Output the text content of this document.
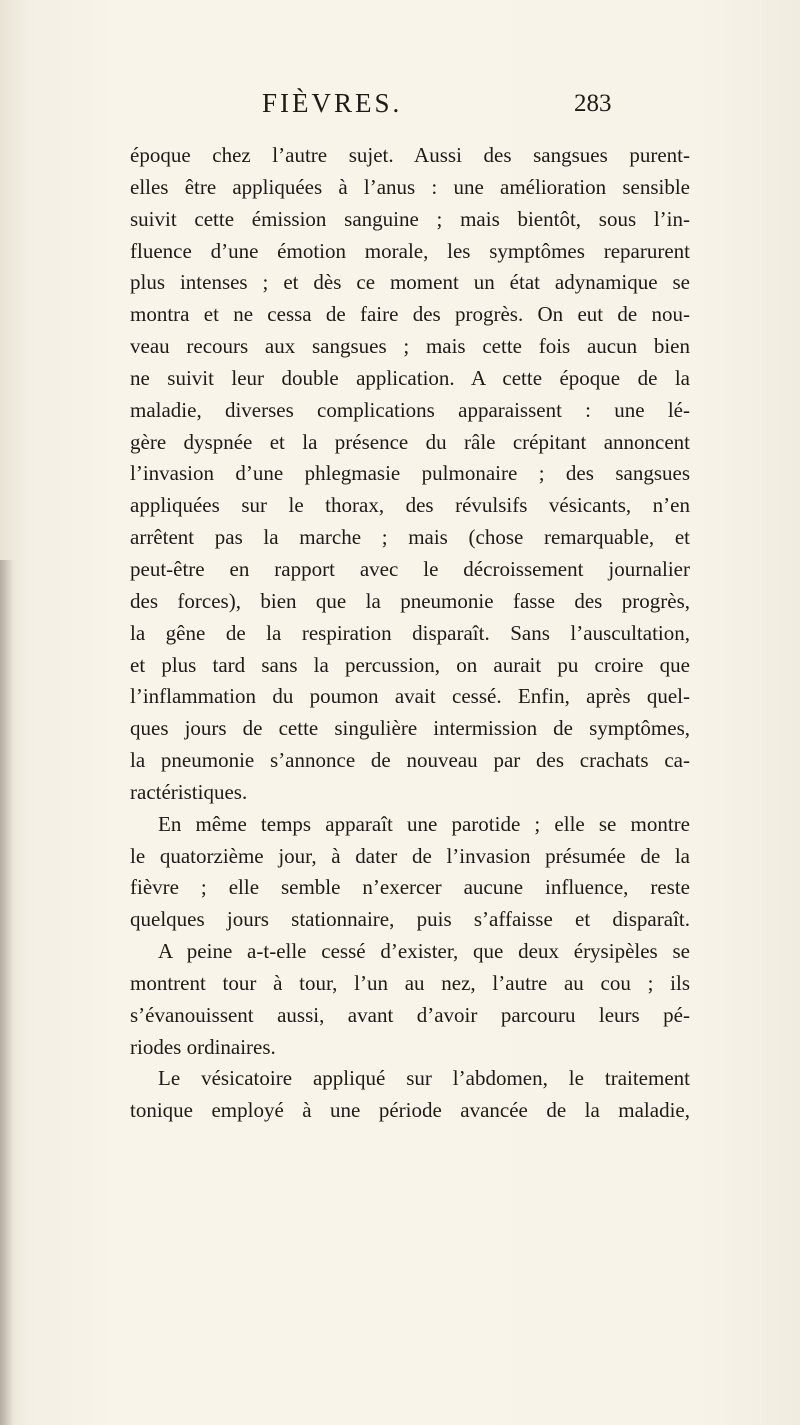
FIÈVRES.	283
époque chez l’autre sujet. Aussi des sangsues purent-
elles être appliquées à l’anus : une amélioration sensible
suivit cette émission sanguine ; mais bientôt, sous l’in-
fluence d’une émotion morale, les symptômes reparurent
plus intenses ; et dès ce moment un état adynamique se
montra et ne cessa de faire des progrès. On eut de nou-
veau recours aux sangsues ; mais cette fois aucun bien
ne suivit leur double application. A cette époque de la
maladie, diverses complications apparaissent : une lé-
gère dyspnée et la présence du râle crépitant annoncent
l’invasion d’une phlegmasie pulmonaire ; des sangsues
appliquées sur le thorax, des révulsifs vésicants, n’en
arrêtent pas la marche ; mais (chose remarquable, et
peut-être en rapport avec le décroissement journalier
des forces), bien que la pneumonie fasse des progrès,
la gêne de la respiration disparaît. Sans l’auscultation,
et plus tard sans la percussion, on aurait pu croire que
l’inflammation du poumon avait cessé. Enfin, après quel-
ques jours de cette singulière intermission de symptômes,
la pneumonie s’annonce de nouveau par des crachats ca-
ractéristiques.
En même temps apparaît une parotide ; elle se montre
le quatorzième jour, à dater de l’invasion présumée de la
fièvre ; elle semble n’exercer aucune influence, reste
quelques jours stationnaire, puis s’affaisse et disparaît.
A peine a-t-elle cessé d’exister, que deux érysipèles se
montrent tour à tour, l’un au nez, l’autre au cou ; ils
s’évanouissent aussi, avant d’avoir parcouru leurs pé-
riodes ordinaires.
Le vésicatoire appliqué sur l’abdomen, le traitement
tonique employé à une période avancée de la maladie,
